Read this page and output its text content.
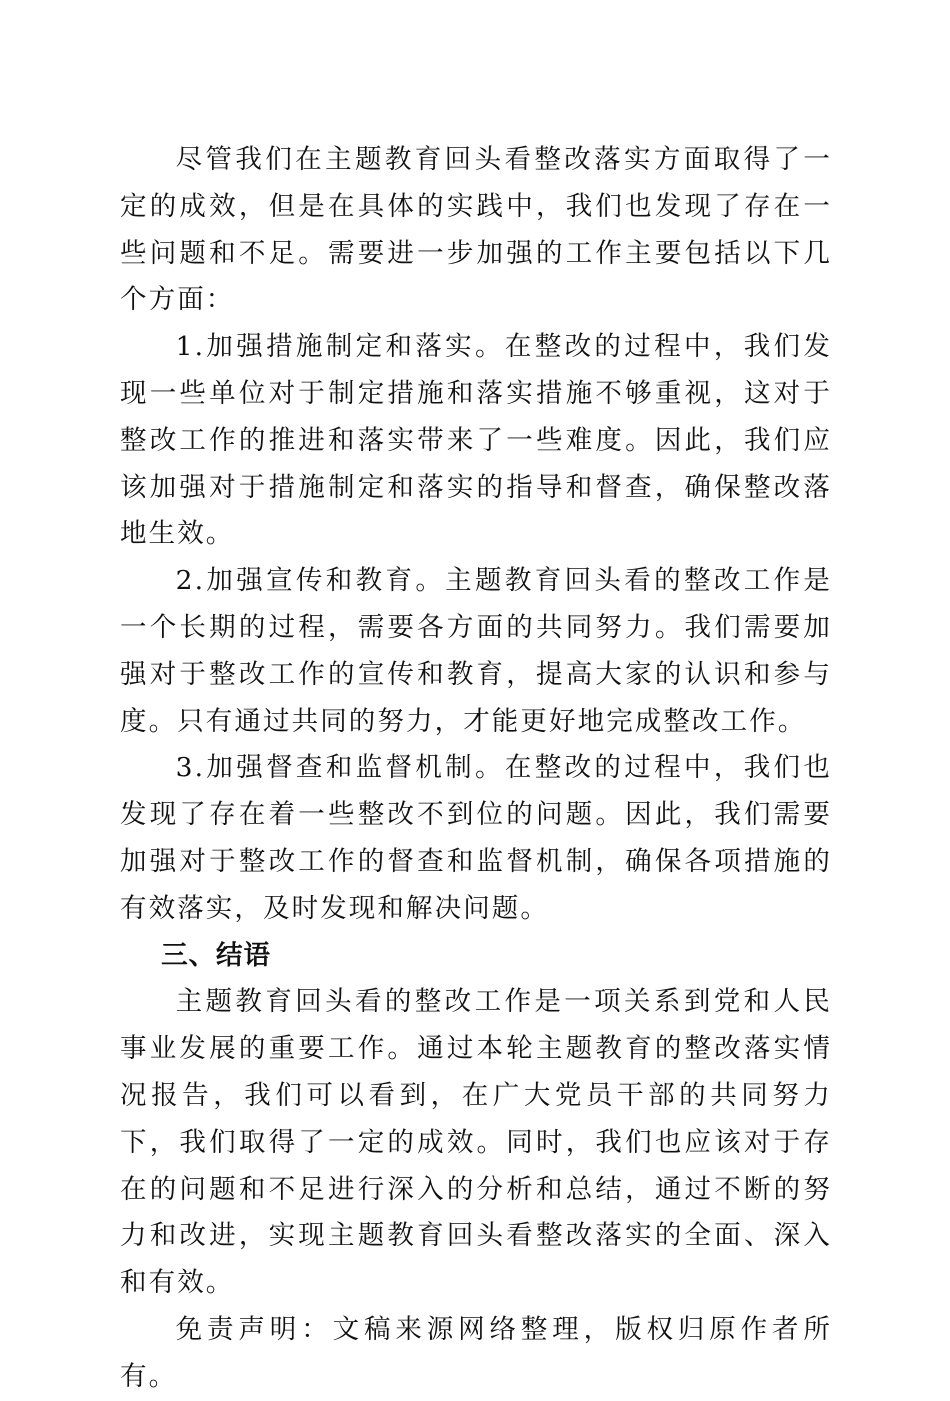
尽管我们在主题教育回头看整改落实方面取得了一定的成效，但是在具体的实践中，我们也发现了存在一些问题和不足。需要进一步加强的工作主要包括以下几个方面：

1.加强措施制定和落实。在整改的过程中，我们发现一些单位对于制定措施和落实措施不够重视，这对于整改工作的推进和落实带来了一些难度。因此，我们应该加强对于措施制定和落实的指导和督查，确保整改落地生效。

2.加强宣传和教育。主题教育回头看的整改工作是一个长期的过程，需要各方面的共同努力。我们需要加强对于整改工作的宣传和教育，提高大家的认识和参与度。只有通过共同的努力，才能更好地完成整改工作。

3.加强督查和监督机制。在整改的过程中，我们也发现了存在着一些整改不到位的问题。因此，我们需要加强对于整改工作的督查和监督机制，确保各项措施的有效落实，及时发现和解决问题。

三、结语

主题教育回头看的整改工作是一项关系到党和人民事业发展的重要工作。通过本轮主题教育的整改落实情况报告，我们可以看到，在广大党员干部的共同努力下，我们取得了一定的成效。同时，我们也应该对于存在的问题和不足进行深入的分析和总结，通过不断的努力和改进，实现主题教育回头看整改落实的全面、深入和有效。

免责声明：文稿来源网络整理，版权归原作者所有。
